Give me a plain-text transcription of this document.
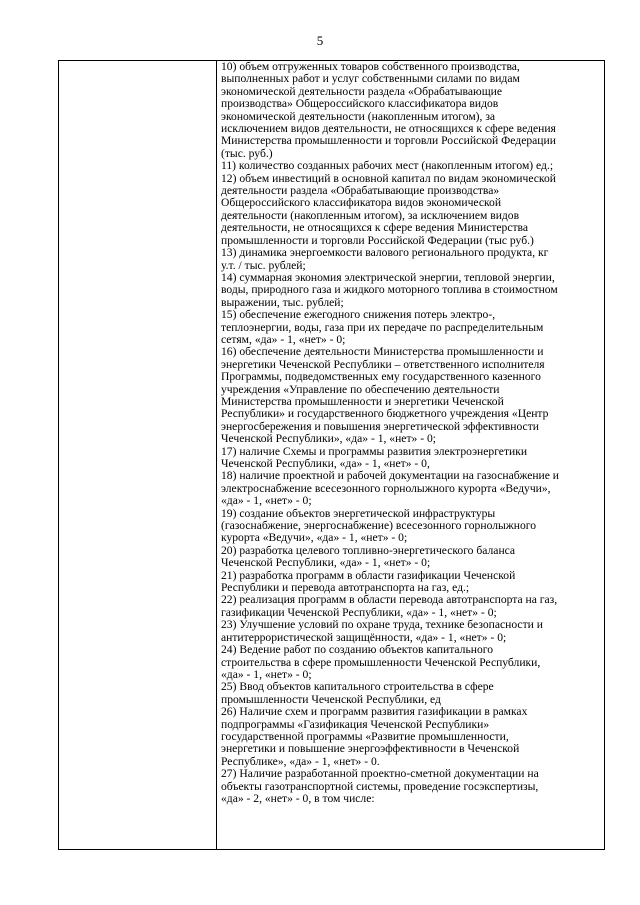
5

10) объем отгруженных товаров собственного производства,
выполненных работ и услуг собственными силами по видам
экономической деятельности раздела «Обрабатывающие
производства» Общероссийского классификатора видов
экономической деятельности (накопленным итогом), за
исключением видов деятельности, не относящихся к сфере ведения
Министерства промышленности и торговли Российской Федерации
(тыс. руб.)

11) количество созданных рабочих мест (накопленным итогом) ед.;

12) объем инвестиций в основной капитал по видам экономической
деятельности раздела «Обрабатывающие производства»
Общероссийского классификатора видов экономической
деятельности (накопленным итогом), за исключением видов
деятельности, не относящихся к сфере ведения Министерства
промышленности и торговли Российской Федерации (тыс руб.)

13) динамика энергоемкости валового регионального продукта, кг
у.т. / тыс. рублей;

14) суммарная экономия электрической энергии, тепловой энергии,
воды, природного газа и жидкого моторного топлива в стоимостном
выражении, тыс. рублей;

15) обеспечение ежегодного снижения потерь электро-,
теплоэнергии, воды, газа при их передаче по распределительным
сетям, «да» - 1, «нет» - 0;

16) обеспечение деятельности Министерства промышленности и
энергетики Чеченской Республики – ответственного исполнителя
Программы, подведомственных ему государственного казенного
учреждения «Управление по обеспечению деятельности
Министерства промышленности и энергетики Чеченской
Республики» и государственного бюджетного учреждения «Центр
энергосбережения и повышения энергетической эффективности
Чеченской Республики», «да» - 1, «нет» - 0;

17) наличие Схемы и программы развития электроэнергетики
Чеченской Республики, «да» - 1, «нет» - 0,

18) наличие проектной и рабочей документации на газоснабжение и
электроснабжение всесезонного горнолыжного курорта «Ведучи»,
«да» - 1, «нет» - 0;

19) создание объектов энергетической инфраструктуры
(газоснабжение, энергоснабжение) всесезонного горнолыжного
курорта «Ведучи», «да» - 1, «нет» - 0;

20) разработка целевого топливно-энергетического баланса
Чеченской Республики, «да» - 1, «нет» - 0;

21) разработка программ в области газификации Чеченской
Республики и перевода автотранспорта на газ, ед.;

22) реализация программ в области перевода автотранспорта на газ,
газификации Чеченской Республики, «да» - 1, «нет» - 0;

23) Улучшение условий по охране труда, технике безопасности и
антитеррористической защищённости, «да» - 1, «нет» - 0;

24) Ведение работ по созданию объектов капитального
строительства в сфере промышленности Чеченской Республики,
«да» - 1, «нет» - 0;

25) Ввод объектов капитального строительства в сфере
промышленности Чеченской Республики, ед

26) Наличие схем и программ развития газификации в рамках
подпрограммы «Газификация Чеченской Республики»
государственной программы «Развитие промышленности,
энергетики и повышение энергоэффективности в Чеченской
Республике», «да» - 1, «нет» - 0.

27) Наличие разработанной проектно-сметной документации на
объекты газотранспортной системы, проведение госэкспертизы,
«да» - 2, «нет» - 0, в том числе:
